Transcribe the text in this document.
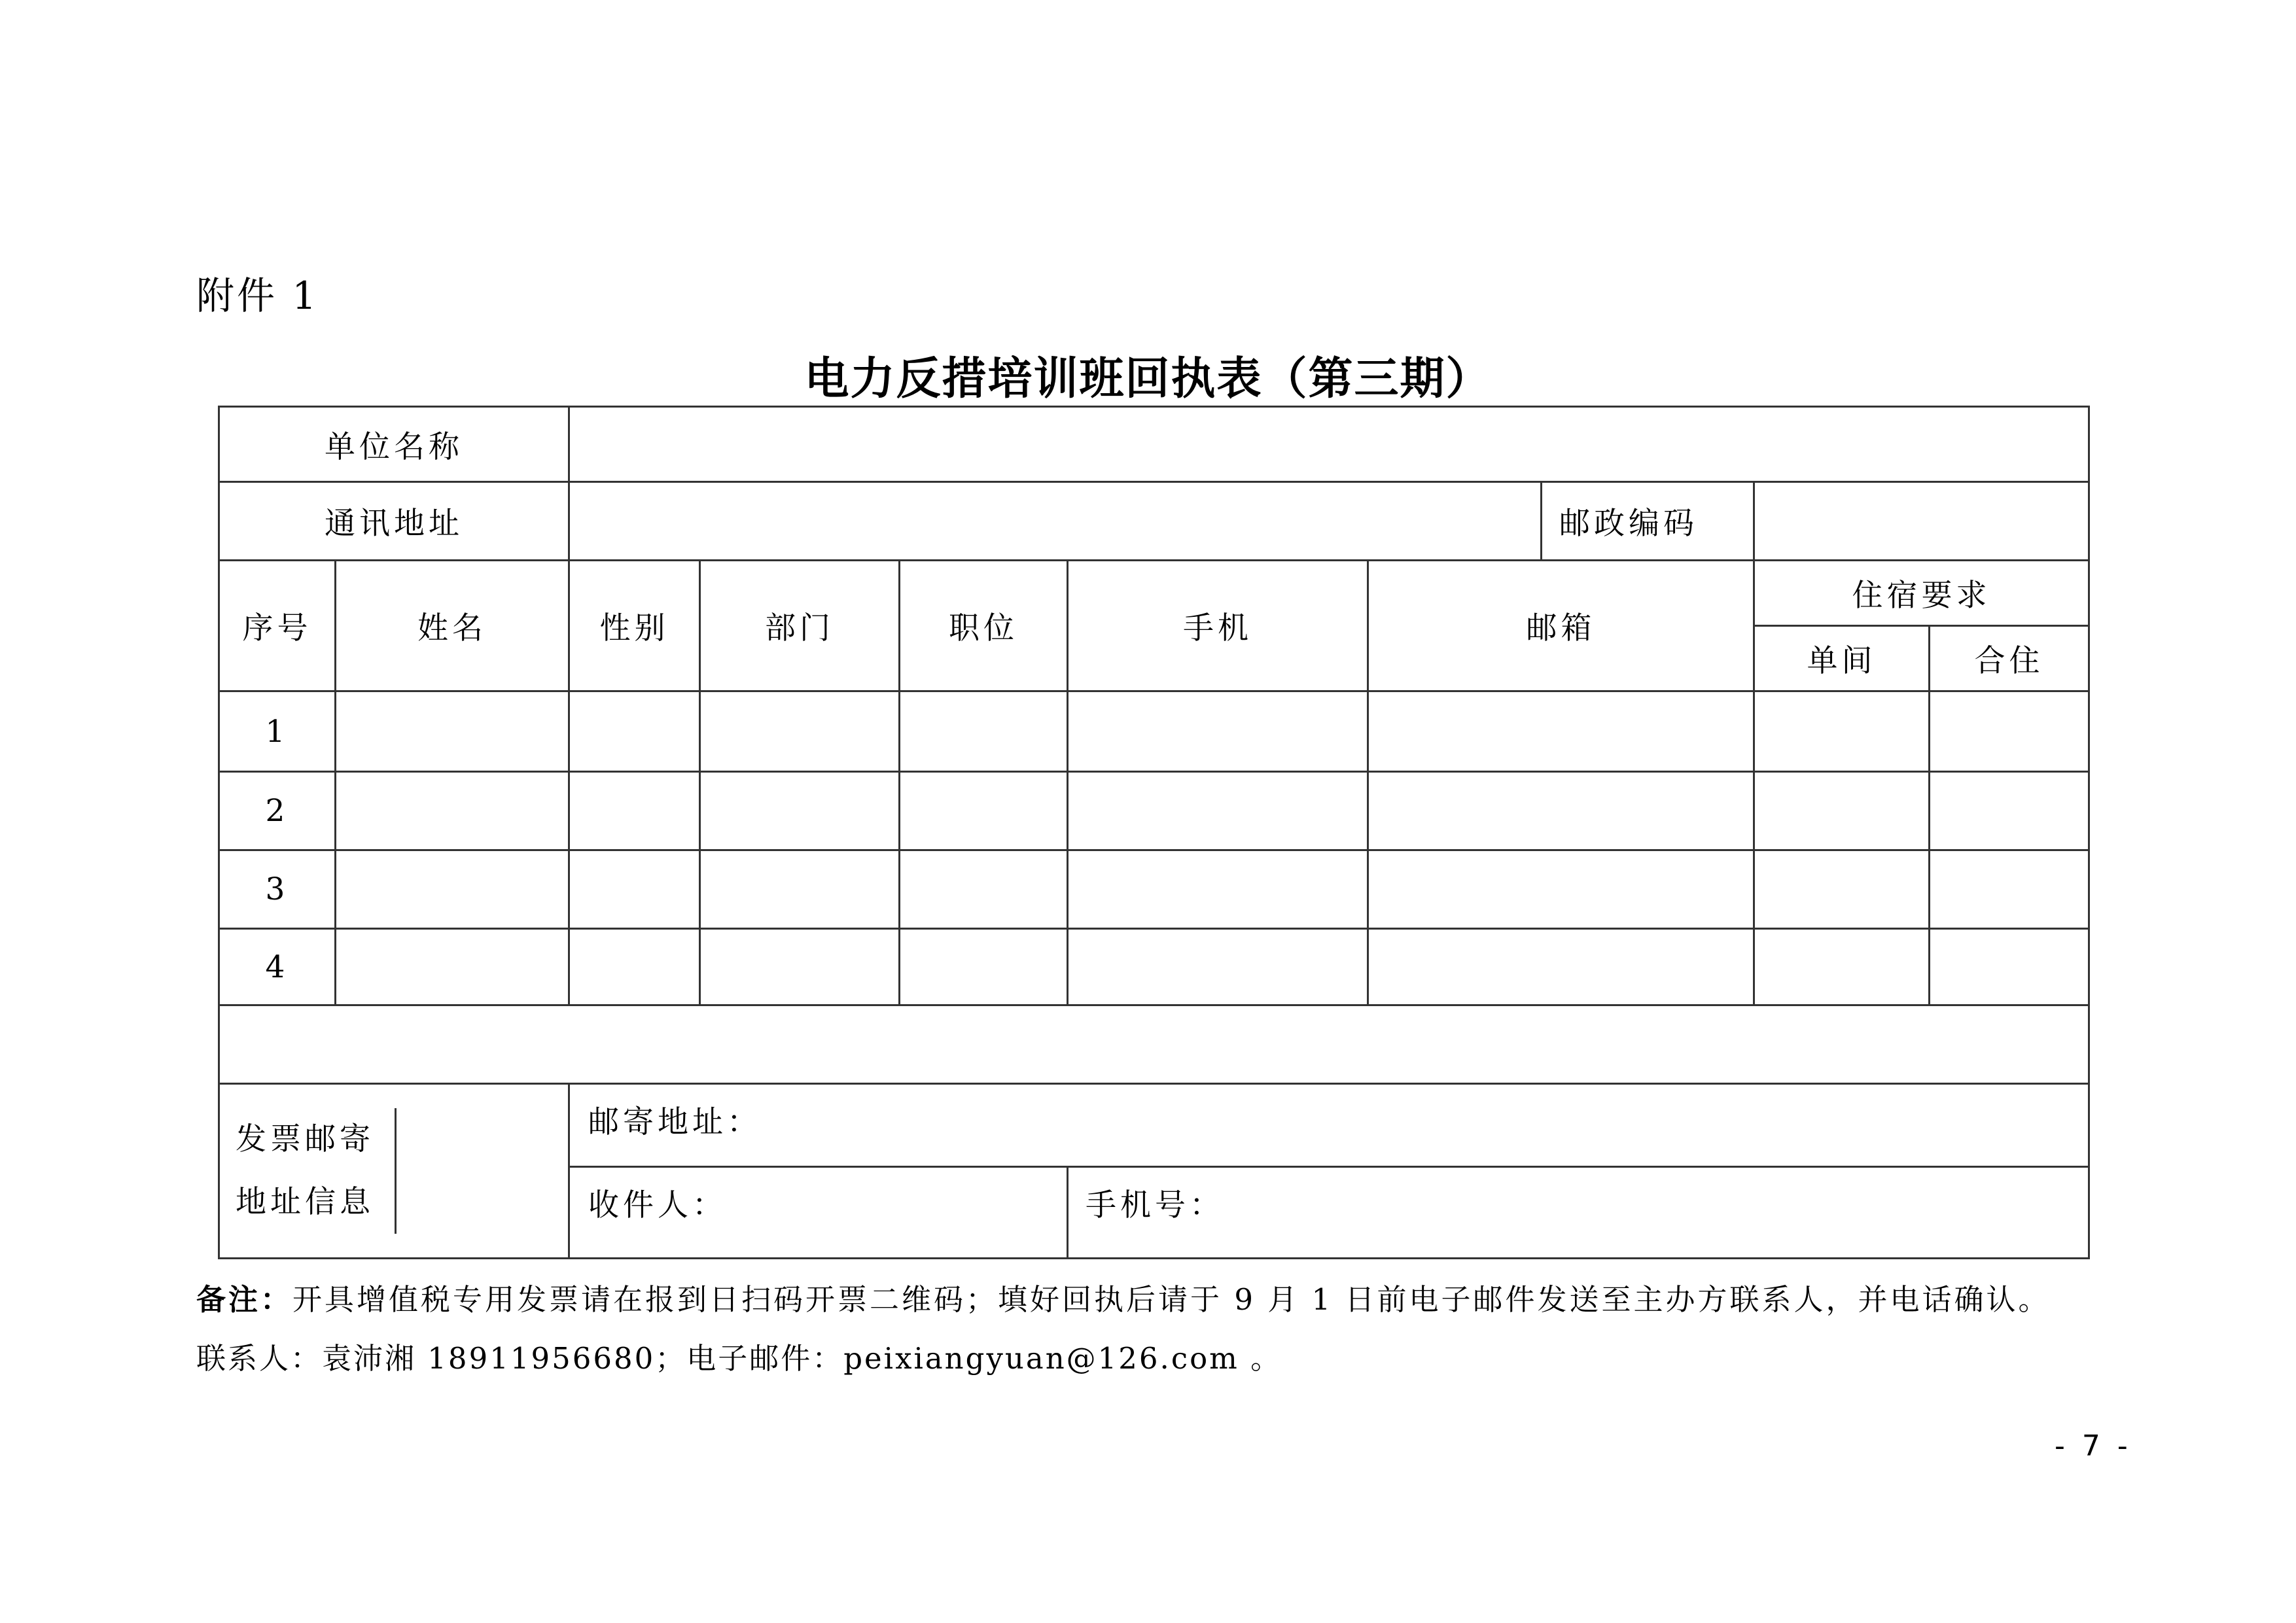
附件 1
电力反措培训班回执表（第三期）
单位名称									
通讯地址							邮政编码		
序号	姓名	性别	部门	职位	手机	邮箱		住宿要求	
								单间	合住
1									
2									
3									
4									

发票邮寄
地址信息		邮寄地址：							
		收件人：			手机号：				
备注：开具增值税专用发票请在报到日扫码开票二维码；填好回执后请于 9 月 1 日前电子邮件发送至主办方联系人，并电话确认。
联系人：袁沛湘 18911956680；电子邮件：peixiangyuan@126.com 。
- 7 -
